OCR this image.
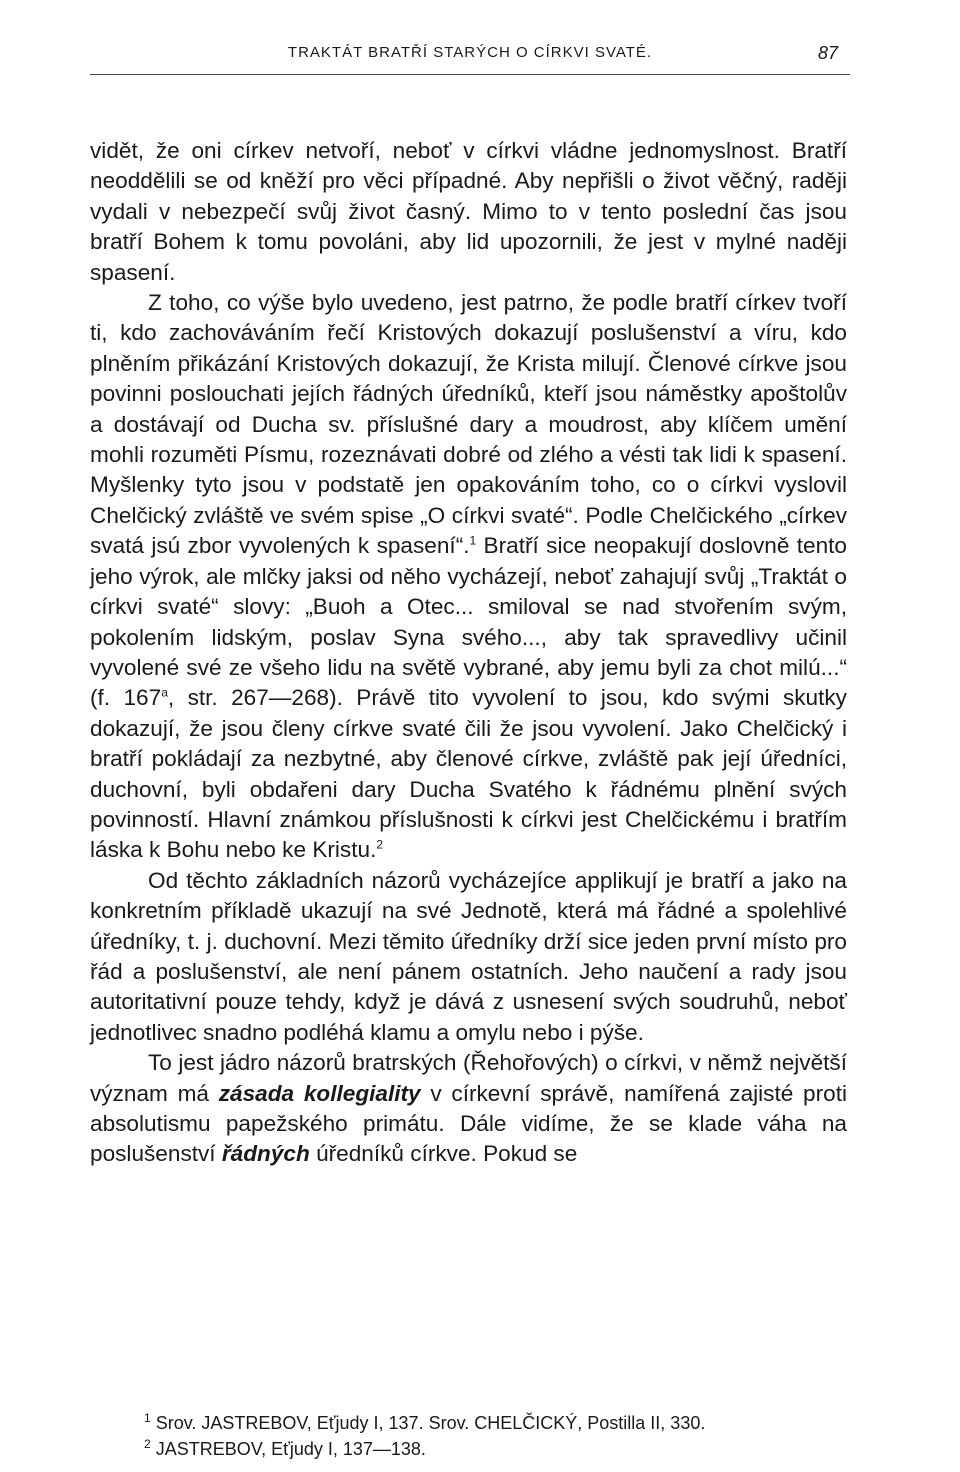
TRAKTÁT BRATŘÍ STARÝCH O CÍRKVI SVATÉ.	87

vidět, že oni církev netvoří, neboť v církvi vládne jednomyslnost. Bratří neoddělili se od kněží pro věci případné. Aby nepřišli o život věčný, raději vydali v nebezpečí svůj život časný. Mimo to v tento poslední čas jsou bratří Bohem k tomu povoláni, aby lid upozornili, že jest v mylné naději spasení.

Z toho, co výše bylo uvedeno, jest patrno, že podle bratří církev tvoří ti, kdo zachováváním řečí Kristových dokazují poslušenství a víru, kdo plněním přikázání Kristových dokazují, že Krista milují. Členové církve jsou povinni poslouchati jejích řádných úředníků, kteří jsou náměstky apoštolův a dostávají od Ducha sv. příslušné dary a moudrost, aby klíčem umění mohli rozuměti Písmu, rozeznávati dobré od zlého a vésti tak lidi k spasení. Myšlenky tyto jsou v podstatě jen opakováním toho, co o církvi vyslovil Chelčický zvláště ve svém spise „O církvi svaté“. Podle Chelčického „církev svatá jsú zbor vyvolených k spasení“.$^1$ Bratří sice neopakují doslovně tento jeho výrok, ale mlčky jaksi od něho vycházejí, neboť zahajují svůj „Traktát o církvi svaté“ slovy: „Buoh a Otec... smiloval se nad stvořením svým, pokolením lidským, poslav Syna svého..., aby tak spravedlivy učinil vyvolené své ze všeho lidu na světě vybrané, aby jemu byli za chot milú...“ (f. 167$^a$, str. 267—268). Právě tito vyvolení to jsou, kdo svými skutky dokazují, že jsou členy církve svaté čili že jsou vyvolení. Jako Chelčický i bratří pokládají za nezbytné, aby členové církve, zvláště pak její úředníci, duchovní, byli obdařeni dary Ducha Svatého k řádnému plnění svých povinností. Hlavní známkou příslušnosti k církvi jest Chelčickému i bratřím láska k Bohu nebo ke Kristu.$^2$

Od těchto základních názorů vycházejíce applikují je bratří a jako na konkretním příkladě ukazují na své Jednotě, která má řádné a spolehlivé úředníky, t. j. duchovní. Mezi těmito úředníky drží sice jeden první místo pro řád a poslušenství, ale není pánem ostatních. Jeho naučení a rady jsou autoritativní pouze tehdy, když je dává z usnesení svých soudruhů, neboť jednotlivec snadno podléhá klamu a omylu nebo i pýše.

To jest jádro názorů bratrských (Řehořových) o církvi, v němž největší význam má zásada kollegiality v církevní správě, namířená zajisté proti absolutismu papežského primátu. Dále vidíme, že se klade váha na poslušenství řádných úředníků církve. Pokud se

$^1$ Srov. JASTREBOV, Eťjudy I, 137. Srov. CHELČICKÝ, Postilla II, 330.
$^2$ JASTREBOV, Eťjudy I, 137—138.
